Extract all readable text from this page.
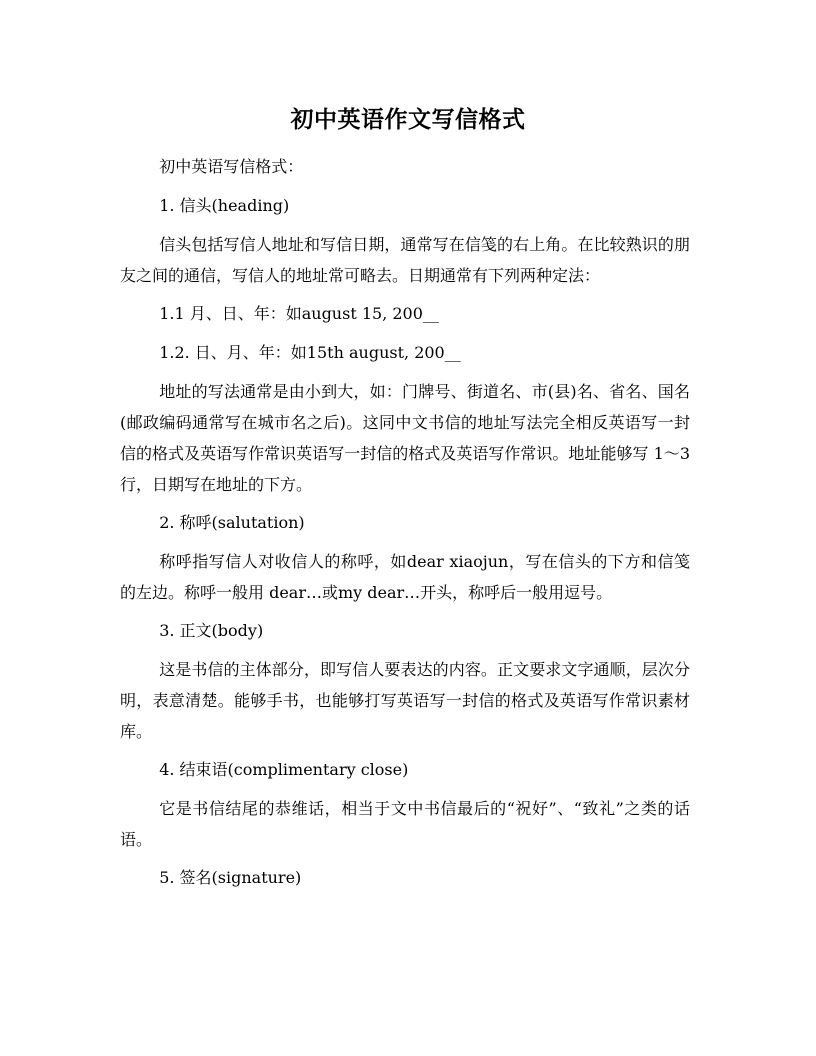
初中英语作文写信格式

初中英语写信格式：

1. 信头(heading)

信头包括写信人地址和写信日期，通常写在信笺的右上角。在比较熟识的朋友之间的通信，写信人的地址常可略去。日期通常有下列两种定法：

1.1 月、日、年：如august 15, 200__

1.2. 日、月、年：如15th august, 200__

地址的写法通常是由小到大，如：门牌号、街道名、市(县)名、省名、国名(邮政编码通常写在城市名之后)。这同中文书信的地址写法完全相反英语写一封信的格式及英语写作常识英语写一封信的格式及英语写作常识。地址能够写 1～3 行，日期写在地址的下方。

2. 称呼(salutation)

称呼指写信人对收信人的称呼，如dear xiaojun，写在信头的下方和信笺的左边。称呼一般用 dear…或my dear…开头，称呼后一般用逗号。

3. 正文(body)

这是书信的主体部分，即写信人要表达的内容。正文要求文字通顺，层次分明，表意清楚。能够手书，也能够打写英语写一封信的格式及英语写作常识素材库。

4. 结束语(complimentary close)

它是书信结尾的恭维话，相当于文中书信最后的“祝好”、“致礼”之类的话语。

5. 签名(signature)
